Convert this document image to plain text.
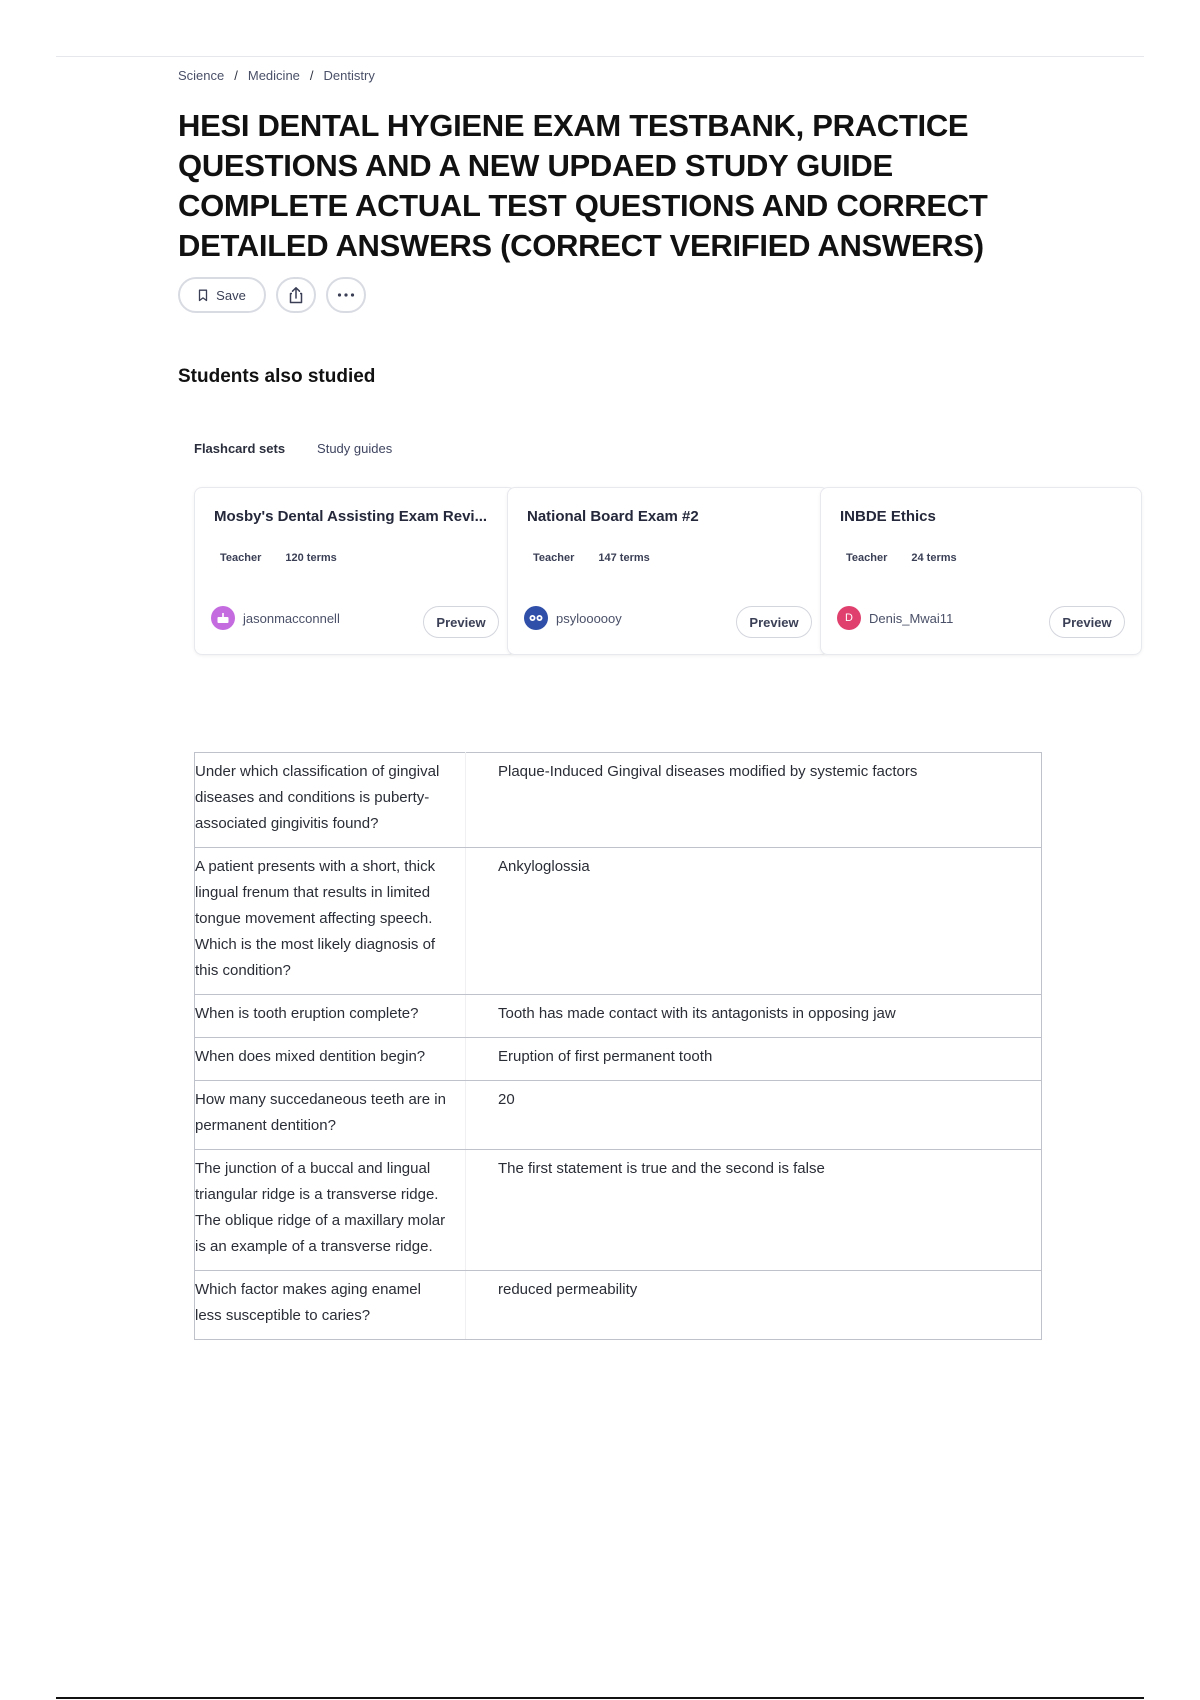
Science / Medicine / Dentistry
HESI DENTAL HYGIENE EXAM TESTBANK, PRACTICE QUESTIONS AND A NEW UPDAED STUDY GUIDE COMPLETE ACTUAL TEST QUESTIONS AND CORRECT DETAILED ANSWERS (CORRECT VERIFIED ANSWERS)
Save
Students also studied
Flashcard sets Study guides
Mosby's Dental Assisting Exam Revi...
Teacher 120 terms
jasonmacconnell	Preview
National Board Exam #2
Teacher 147 terms
psyloooooy	Preview
INBDE Ethics
Teacher 24 terms
D	Denis_Mwai11	Preview
Under which classification of gingival diseases and conditions is puberty-associated gingivitis found?	Plaque-Induced Gingival diseases modified by systemic factors
A patient presents with a short, thick lingual frenum that results in limited tongue movement affecting speech. Which is the most likely diagnosis of this condition?	Ankyloglossia
When is tooth eruption complete?	Tooth has made contact with its antagonists in opposing jaw
When does mixed dentition begin?	Eruption of first permanent tooth
How many succedaneous teeth are in permanent dentition?	20
The junction of a buccal and lingual triangular ridge is a transverse ridge. The oblique ridge of a maxillary molar is an example of a transverse ridge.	The first statement is true and the second is false
Which factor makes aging enamel less susceptible to caries?	reduced permeability
